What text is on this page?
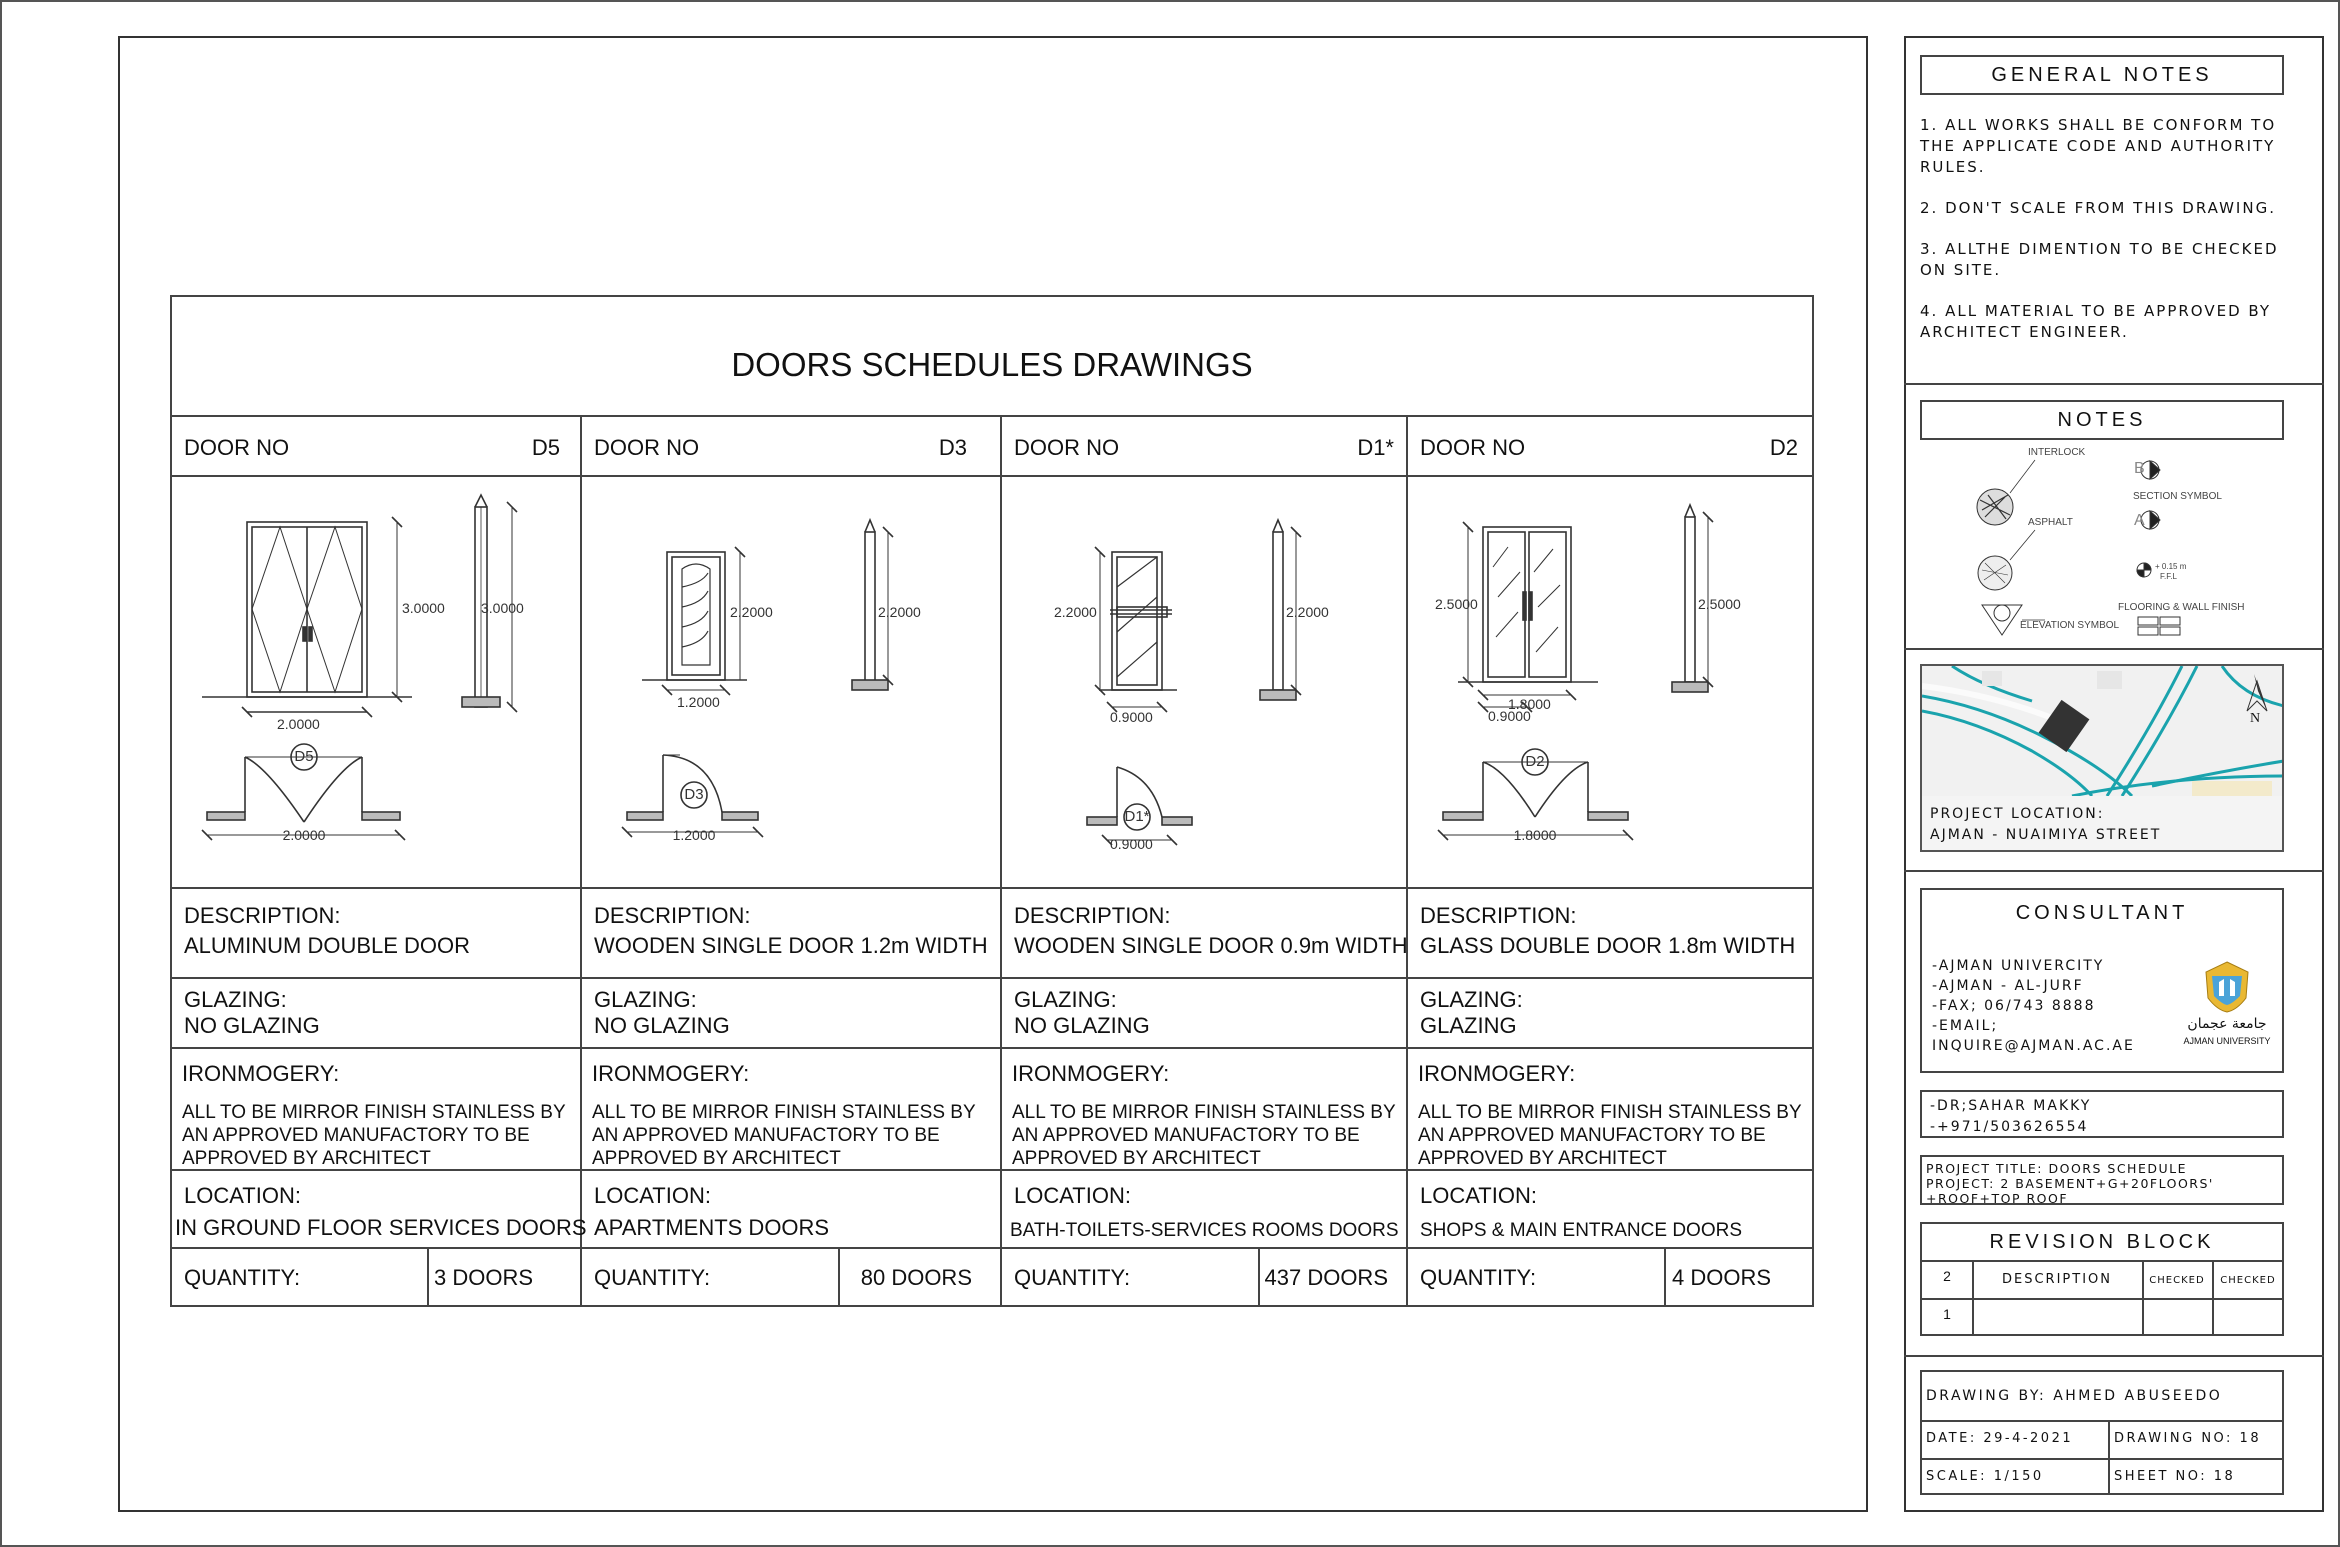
DOORS SCHEDULES DRAWINGS
DOOR NO	D5
D5
2.0000
3.0000	3.0000
2.0000
DESCRIPTION:
ALUMINUM DOUBLE DOOR
GLAZING:
NO GLAZING
IRONMOGERY:
ALL TO BE MIRROR FINISH STAINLESS BY AN APPROVED MANUFACTORY TO BE APPROVED BY ARCHITECT
LOCATION:
IN GROUND FLOOR SERVICES DOORS
QUANTITY:	3 DOORS
DOOR NO	D3
D3
1.2000
2.2000	2.2000
1.2000
DESCRIPTION:
WOODEN SINGLE DOOR 1.2m WIDTH
GLAZING:
NO GLAZING
IRONMOGERY:
ALL TO BE MIRROR FINISH STAINLESS BY AN APPROVED MANUFACTORY TO BE APPROVED BY ARCHITECT
LOCATION:
APARTMENTS DOORS
QUANTITY:	80 DOORS
DOOR NO	D1*
D1*
0.9000
2.2000	2.2000
0.9000
DESCRIPTION:
WOODEN SINGLE DOOR 0.9m WIDTH
GLAZING:
NO GLAZING
IRONMOGERY:
ALL TO BE MIRROR FINISH STAINLESS BY AN APPROVED MANUFACTORY TO BE APPROVED BY ARCHITECT
LOCATION:
BATH-TOILETS-SERVICES ROOMS DOORS
QUANTITY:	437 DOORS
DOOR NO	D2
D2
1.8000
0.9000
2.5000	2.5000
1.8000
DESCRIPTION:
GLASS DOUBLE DOOR 1.8m WIDTH
GLAZING:
GLAZING
IRONMOGERY:
ALL TO BE MIRROR FINISH STAINLESS BY AN APPROVED MANUFACTORY TO BE APPROVED BY ARCHITECT
LOCATION:
SHOPS & MAIN ENTRANCE DOORS
QUANTITY:	4 DOORS
GENERAL NOTES
1. ALL WORKS SHALL BE CONFORM TO THE APPLICATE CODE AND AUTHORITY RULES.
2. DON'T SCALE FROM THIS DRAWING.
3. ALLTHE DIMENTION TO BE CHECKED ON SITE.
4. ALL MATERIAL TO BE APPROVED BY ARCHITECT ENGINEER.
NOTES
INTERLOCK
ASPHALT
B
A
SECTION SYMBOL
+ 0.15 m
F.F.L
FLOORING & WALL FINISH
ELEVATION SYMBOL
N
PROJECT LOCATION:
AJMAN - NUAIMIYA STREET
CONSULTANT
-AJMAN UNIVERCITY
-AJMAN - AL-JURF
-FAX; 06/743 8888
-EMAIL;
INQUIRE@AJMAN.AC.AE
جامعة عجمان
AJMAN UNIVERSITY
-DR;SAHAR MAKKY
-+971/503626554
PROJECT TITLE: DOORS SCHEDULE
PROJECT: 2 BASEMENT+G+20FLOORS'
+ROOF+TOP ROOF
REVISION BLOCK
2	DESCRIPTION	CHECKED	CHECKED
1
DRAWING BY: AHMED ABUSEEDO
DATE: 29-4-2021	DRAWING NO: 18
SCALE: 1/150	SHEET NO: 18
